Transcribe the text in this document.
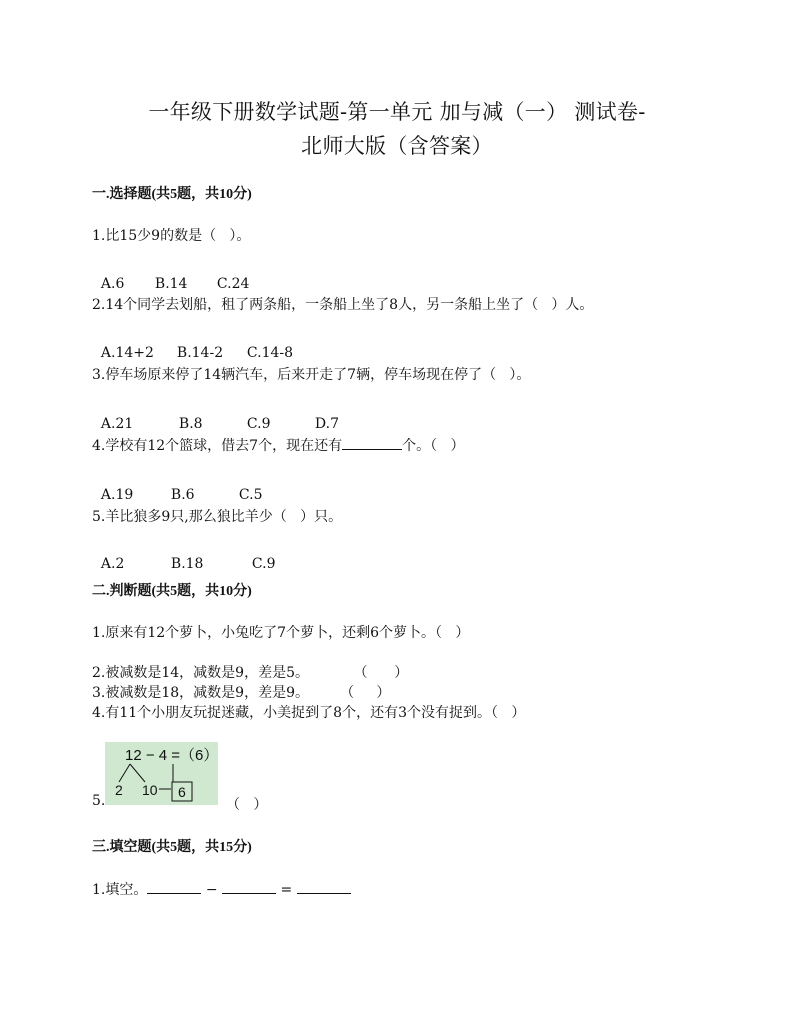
一年级下册数学试题-第一单元 加与减（一） 测试卷-
北师大版（含答案）
一.选择题(共5题，共10分)
1.比15少9的数是（   ）。

A.6 B.14 C.24

2.14个同学去划船，租了两条船，一条船上坐了8人，另一条船上坐了（   ）人。

A.14+2 B.14-2 C.14-8

3.停车场原来停了14辆汽车，后来开走了7辆，停车场现在停了（   ）。

A.21	B.8	C.9	D.7

4.学校有12个篮球，借去7个，现在还有	个。（   ）

A.19	B.6	C.5

5.羊比狼多9只,那么狼比羊少（   ）只。

A.2	B.18	C.9

二.判断题(共5题，共10分)
1.原来有12个萝卜，小兔吃了7个萝卜，还剩6个萝卜。（   ）
2.被减数是14，减数是9，差是5。          （      ）
3.被减数是18，减数是9，差是9。       （     ）
4.有11个小朋友玩捉迷藏，小美捉到了8个，还有3个没有捉到。（   ）
5.
12 − 4 =（6）
2 10 6
（   ）
三.填空题(共5题，共15分)
1.填空。	−	=
